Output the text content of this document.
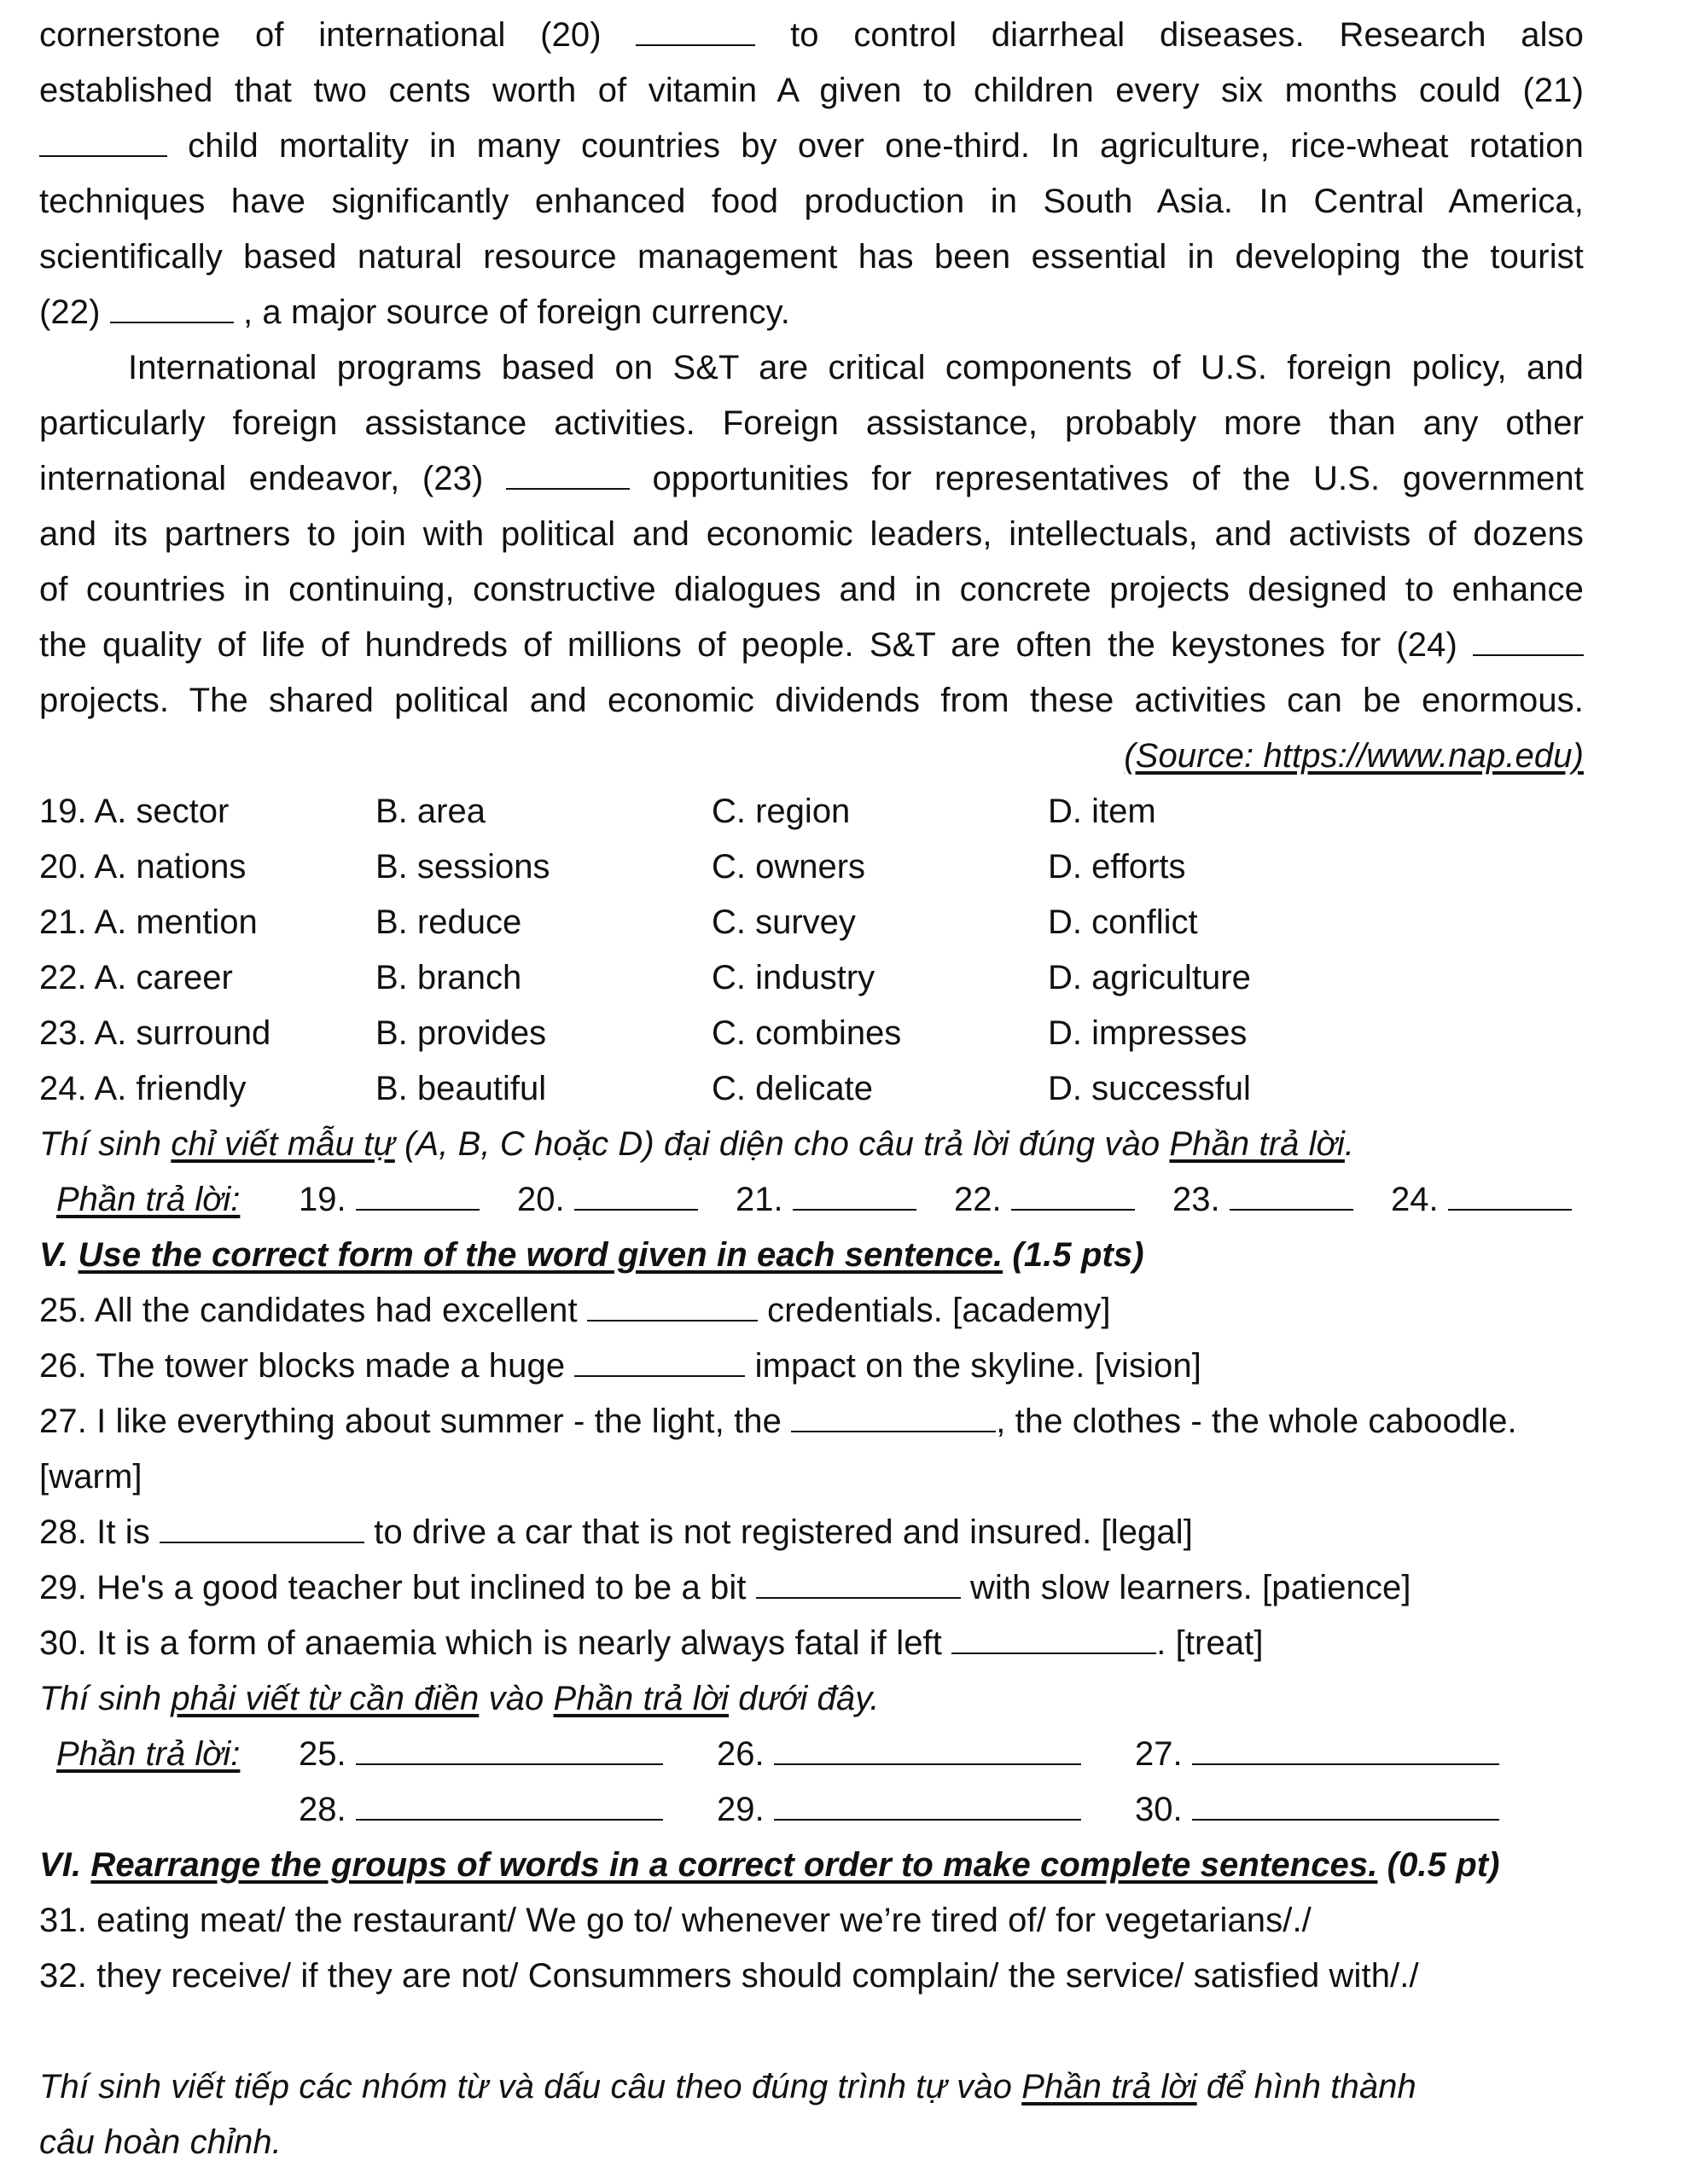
cornerstone of international (20)	to control diarrheal diseases. Research also
established that two cents worth of vitamin A given to children every six months could (21)
child mortality in many countries by over one-third. In agriculture, rice-wheat rotation
techniques have significantly enhanced food production in South Asia. In Central America,
scientifically based natural resource management has been essential in developing the tourist
(22)	, a major source of foreign currency.
International programs based on S&T are critical components of U.S. foreign policy, and
particularly foreign assistance activities. Foreign assistance, probably more than any other
international endeavor, (23)	opportunities for representatives of the U.S. government
and its partners to join with political and economic leaders, intellectuals, and activists of dozens
of countries in continuing, constructive dialogues and in concrete projects designed to enhance
the quality of life of hundreds of millions of people. S&T are often the keystones for (24)
projects. The shared political and economic dividends from these activities can be enormous.
(Source: https://www.nap.edu)
19. A. sector	B. area	C. region	D. item
20. A. nations	B. sessions	C. owners	D. efforts
21. A. mention	B. reduce	C. survey	D. conflict
22. A. career	B. branch	C. industry	D. agriculture
23. A. surround	B. provides	C. combines	D. impresses
24. A. friendly	B. beautiful	C. delicate	D. successful
Thí sinh chỉ viết mẫu tự (A, B, C hoặc D) đại diện cho câu trả lời đúng vào Phần trả lời.
Phần trả lời: 19.	20.	21.	22.	23.	24.
V. Use the correct form of the word given in each sentence. (1.5 pts)
25. All the candidates had excellent	credentials. [academy]
26. The tower blocks made a huge	impact on the skyline. [vision]
27. I like everything about summer - the light, the	, the clothes - the whole caboodle.
[warm]
28. It is	to drive a car that is not registered and insured. [legal]
29. He's a good teacher but inclined to be a bit	with slow learners. [patience]
30. It is a form of anaemia which is nearly always fatal if left	. [treat]
Thí sinh phải viết từ cần điền vào Phần trả lời dưới đây.
Phần trả lời: 25.	26.	27.
28.	29.	30.
VI. Rearrange the groups of words in a correct order to make complete sentences. (0.5 pt)
31. eating meat/ the restaurant/ We go to/ whenever we’re tired of/ for vegetarians/./
32. they receive/ if they are not/ Consummers should complain/ the service/ satisfied with/./
Thí sinh viết tiếp các nhóm từ và dấu câu theo đúng trình tự vào Phần trả lời để hình thành
câu hoàn chỉnh.
